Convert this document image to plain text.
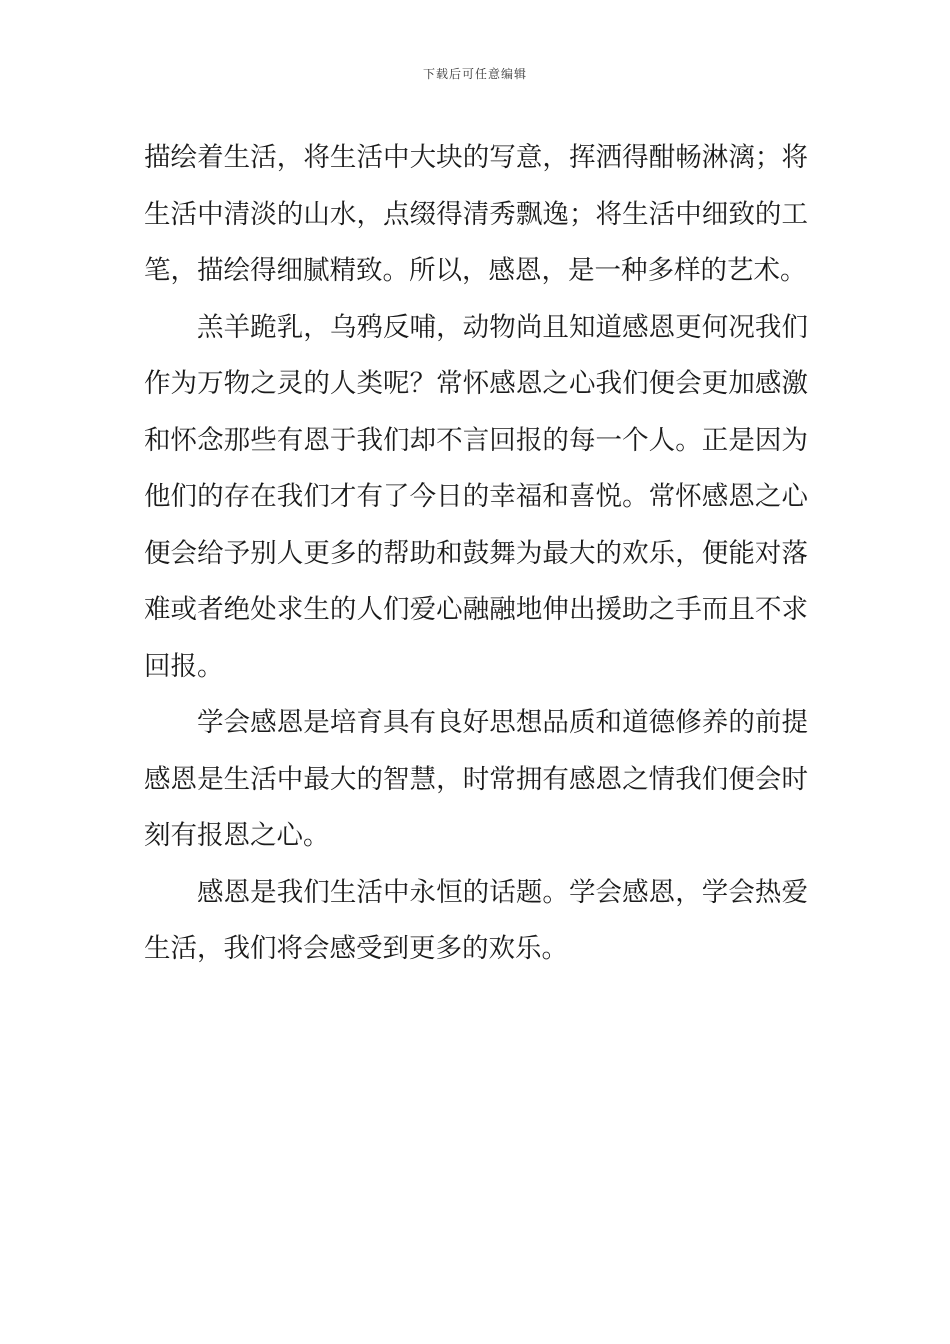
下载后可任意编辑

描绘着生活，将生活中大块的写意，挥洒得酣畅淋漓；将生活中清淡的山水，点缀得清秀飘逸；将生活中细致的工笔，描绘得细腻精致。所以，感恩，是一种多样的艺术。

羔羊跪乳，乌鸦反哺，动物尚且知道感恩更何况我们作为万物之灵的人类呢？常怀感恩之心我们便会更加感激和怀念那些有恩于我们却不言回报的每一个人。正是因为他们的存在我们才有了今日的幸福和喜悦。常怀感恩之心便会给予别人更多的帮助和鼓舞为最大的欢乐，便能对落难或者绝处求生的人们爱心融融地伸出援助之手而且不求回报。

学会感恩是培育具有良好思想品质和道德修养的前提感恩是生活中最大的智慧，时常拥有感恩之情我们便会时刻有报恩之心。

感恩是我们生活中永恒的话题。学会感恩，学会热爱生活，我们将会感受到更多的欢乐。
